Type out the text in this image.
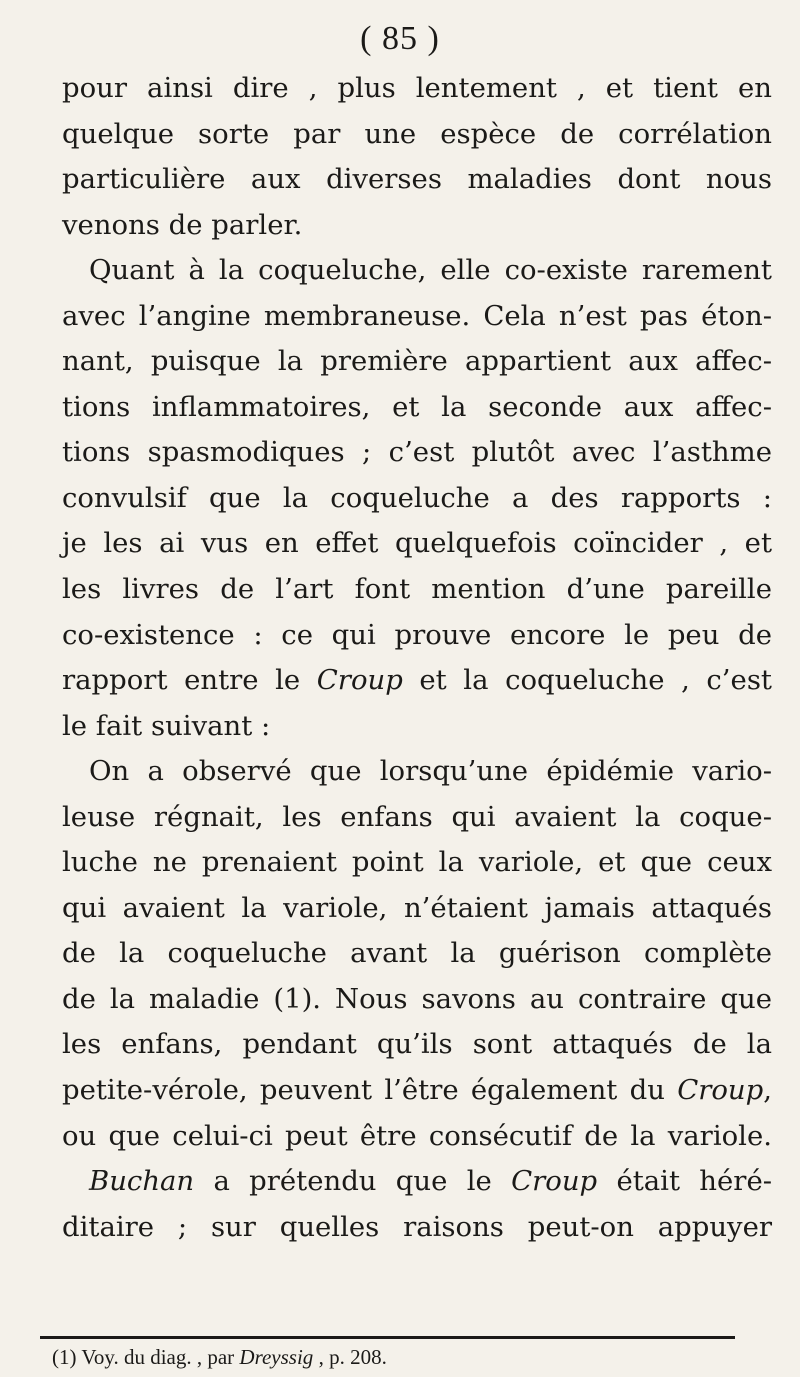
( 85 )
pour ainsi dire , plus lentement , et tient en
quelque sorte par une espèce de corrélation
particulière aux diverses maladies dont nous
venons de parler.
Quant à la coqueluche, elle co-existe rarement
avec l’angine membraneuse. Cela n’est pas éton-
nant, puisque la première appartient aux affec-
tions inflammatoires, et la seconde aux affec-
tions spasmodiques ; c’est plutôt avec l’asthme
convulsif que la coqueluche a des rapports :
je les ai vus en effet quelquefois coïncider , et
les livres de l’art font mention d’une pareille
co-existence : ce qui prouve encore le peu de
rapport entre le Croup et la coqueluche , c’est
le fait suivant :
On a observé que lorsqu’une épidémie vario-
leuse régnait, les enfans qui avaient la coque-
luche ne prenaient point la variole, et que ceux
qui avaient la variole, n’étaient jamais attaqués
de la coqueluche avant la guérison complète
de la maladie (1). Nous savons au contraire que
les enfans, pendant qu’ils sont attaqués de la
petite-vérole, peuvent l’être également du Croup,
ou que celui-ci peut être consécutif de la variole.
Buchan a prétendu que le Croup était héré-
ditaire ; sur quelles raisons peut-on appuyer
(1) Voy. du diag. , par Dreyssig , p. 208.
